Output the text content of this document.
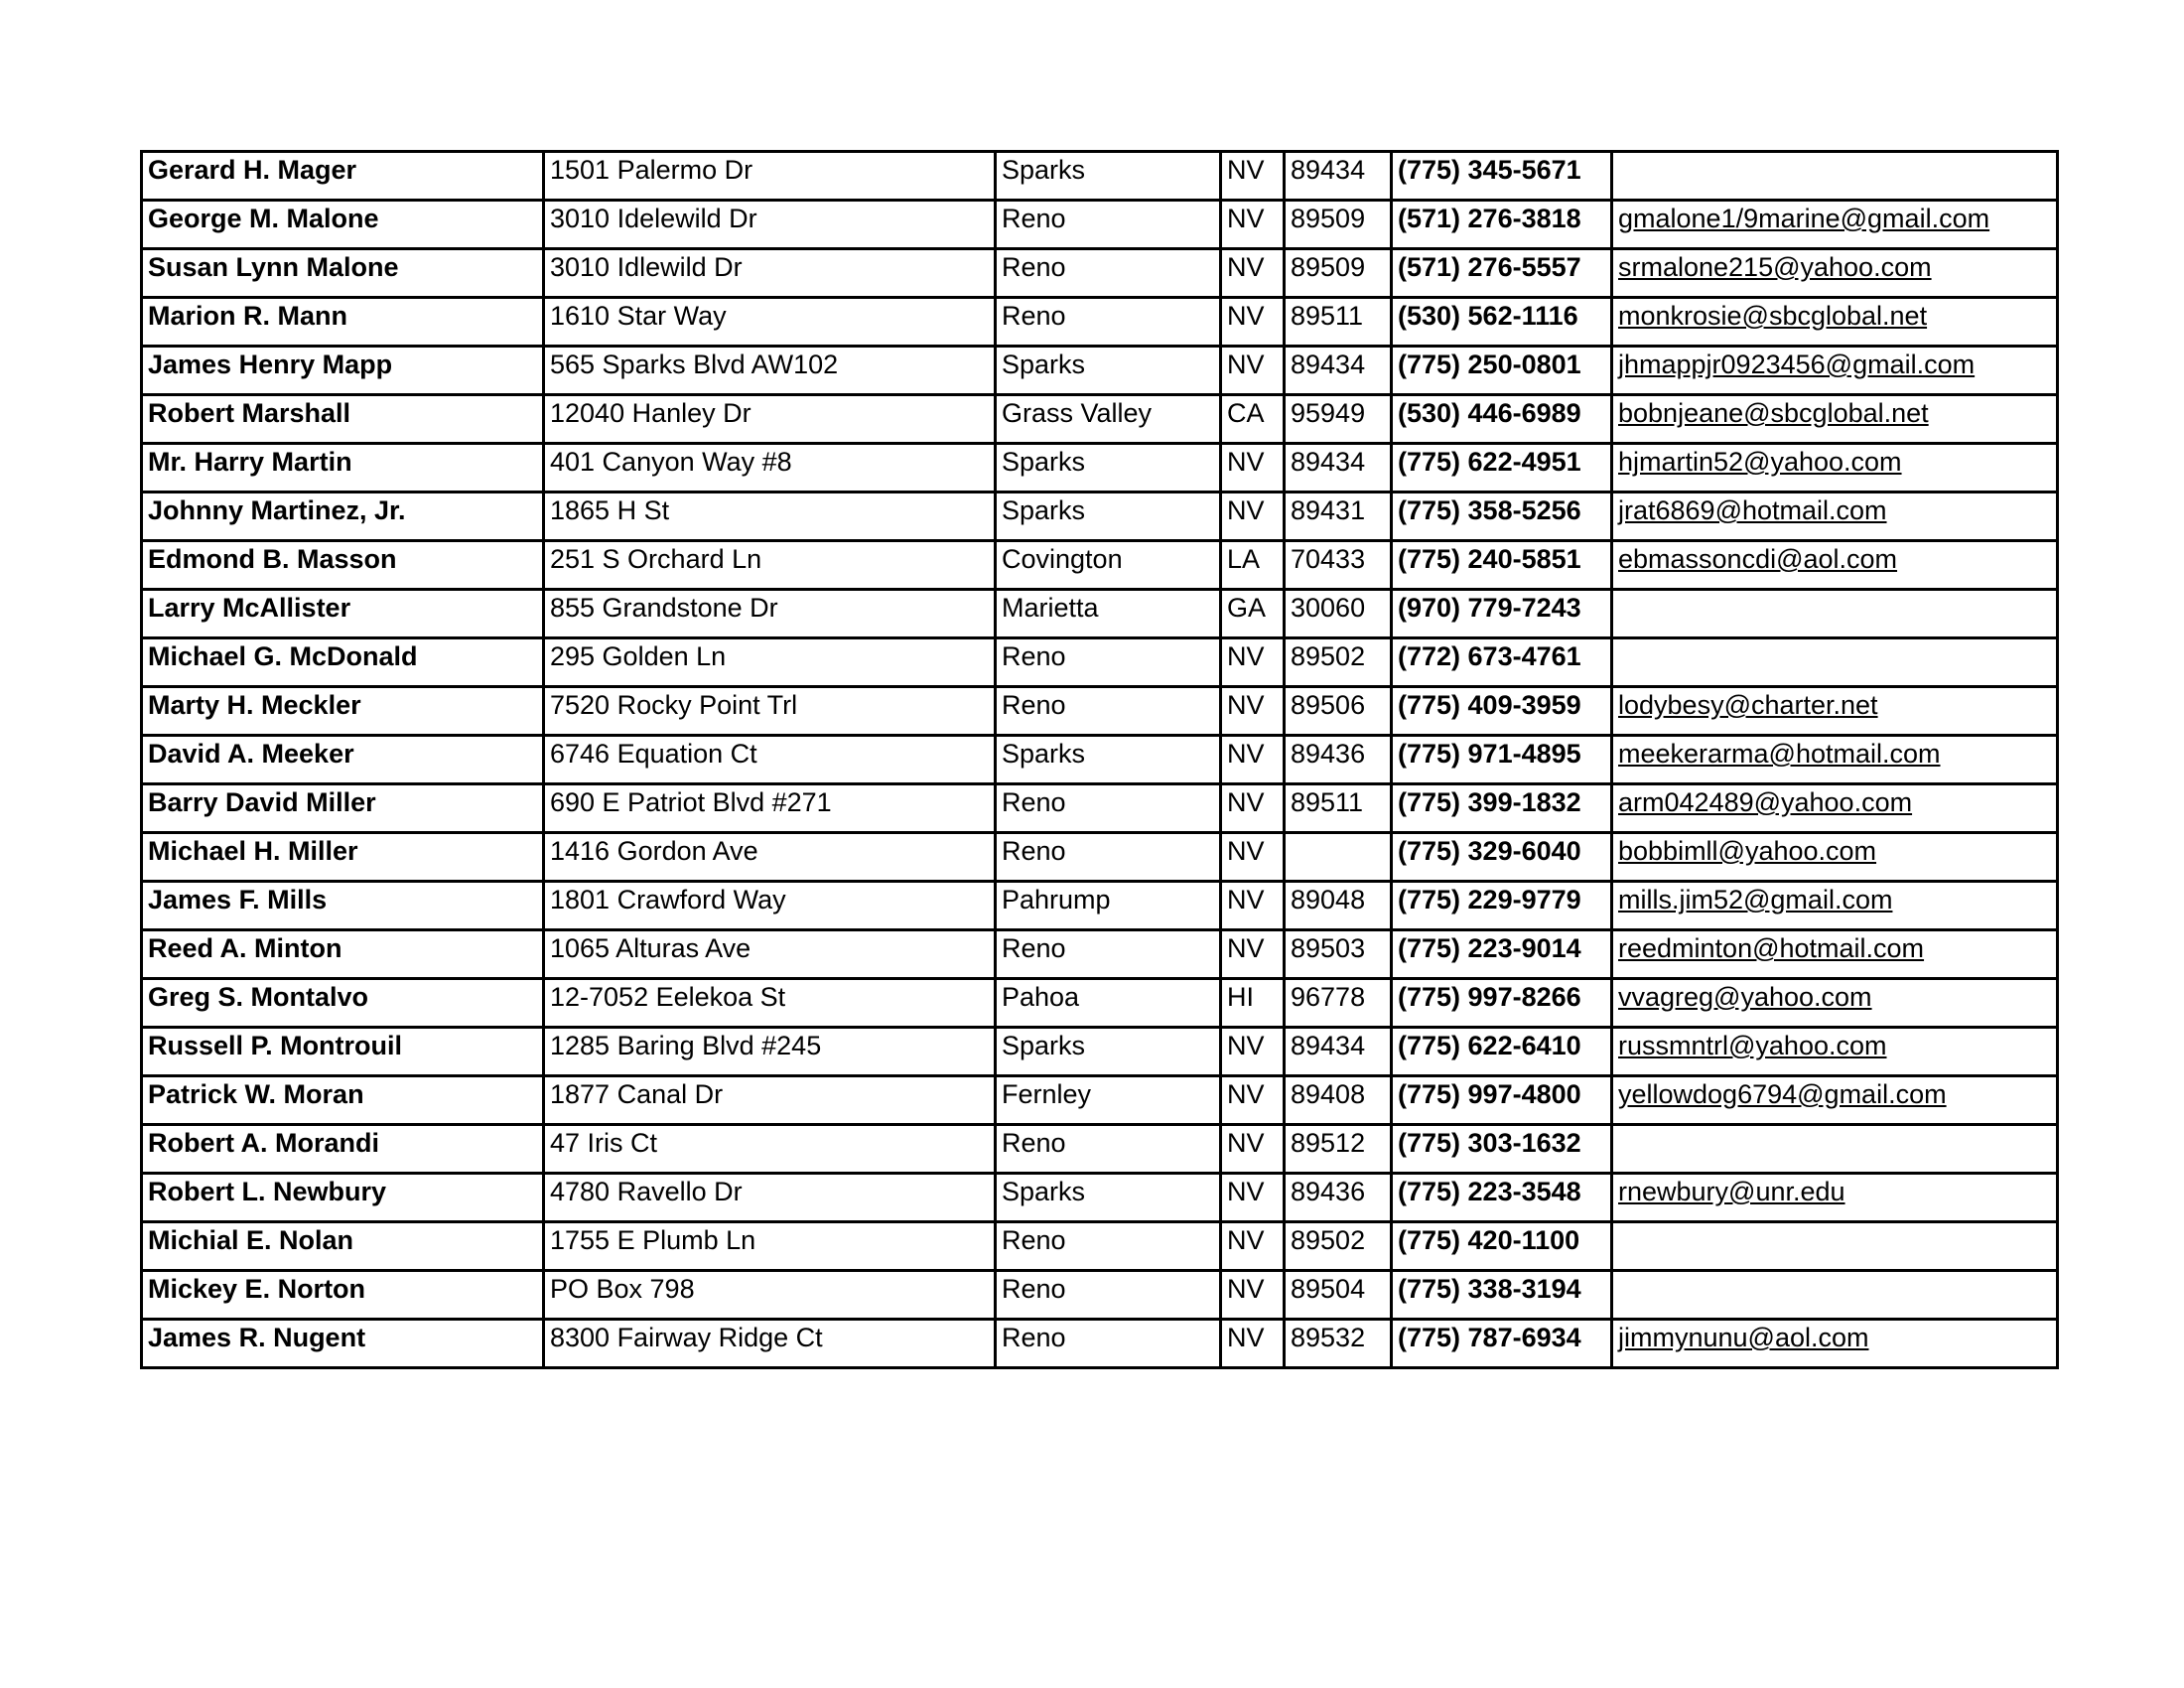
Gerard H. Mager	1501 Palermo Dr	Sparks	NV	89434	(775) 345-5671	
George M. Malone	3010 Idelewild Dr	Reno	NV	89509	(571) 276-3818	gmalone1/9marine@gmail.com
Susan Lynn Malone	3010 Idlewild Dr	Reno	NV	89509	(571) 276-5557	srmalone215@yahoo.com
Marion R. Mann	1610 Star Way	Reno	NV	89511	(530) 562-1116	monkrosie@sbcglobal.net
James Henry Mapp	565 Sparks Blvd AW102	Sparks	NV	89434	(775) 250-0801	jhmappjr0923456@gmail.com
Robert Marshall	12040 Hanley Dr	Grass Valley	CA	95949	(530) 446-6989	bobnjeane@sbcglobal.net
Mr. Harry Martin	401 Canyon Way #8	Sparks	NV	89434	(775) 622-4951	hjmartin52@yahoo.com
Johnny Martinez, Jr.	1865 H St	Sparks	NV	89431	(775) 358-5256	jrat6869@hotmail.com
Edmond B. Masson	251 S Orchard Ln	Covington	LA	70433	(775) 240-5851	ebmassoncdi@aol.com
Larry McAllister	855 Grandstone Dr	Marietta	GA	30060	(970) 779-7243	
Michael G. McDonald	295 Golden Ln	Reno	NV	89502	(772) 673-4761	
Marty H. Meckler	7520 Rocky Point Trl	Reno	NV	89506	(775) 409-3959	lodybesy@charter.net
David A. Meeker	6746 Equation Ct	Sparks	NV	89436	(775) 971-4895	meekerarma@hotmail.com
Barry David Miller	690 E Patriot Blvd #271	Reno	NV	89511	(775) 399-1832	arm042489@yahoo.com
Michael H. Miller	1416 Gordon Ave	Reno	NV		(775) 329-6040	bobbimll@yahoo.com
James F. Mills	1801 Crawford Way	Pahrump	NV	89048	(775) 229-9779	mills.jim52@gmail.com
Reed A. Minton	1065 Alturas Ave	Reno	NV	89503	(775) 223-9014	reedminton@hotmail.com
Greg S. Montalvo	12-7052 Eelekoa St	Pahoa	HI	96778	(775) 997-8266	vvagreg@yahoo.com
Russell P. Montrouil	1285 Baring Blvd #245	Sparks	NV	89434	(775) 622-6410	russmntrl@yahoo.com
Patrick W. Moran	1877 Canal Dr	Fernley	NV	89408	(775) 997-4800	yellowdog6794@gmail.com
Robert A. Morandi	47 Iris Ct	Reno	NV	89512	(775) 303-1632	
Robert L. Newbury	4780 Ravello Dr	Sparks	NV	89436	(775) 223-3548	rnewbury@unr.edu
Michial E. Nolan	1755 E Plumb Ln	Reno	NV	89502	(775) 420-1100	
Mickey E. Norton	PO Box 798	Reno	NV	89504	(775) 338-3194	
James R. Nugent	8300 Fairway Ridge Ct	Reno	NV	89532	(775) 787-6934	jimmynunu@aol.com
